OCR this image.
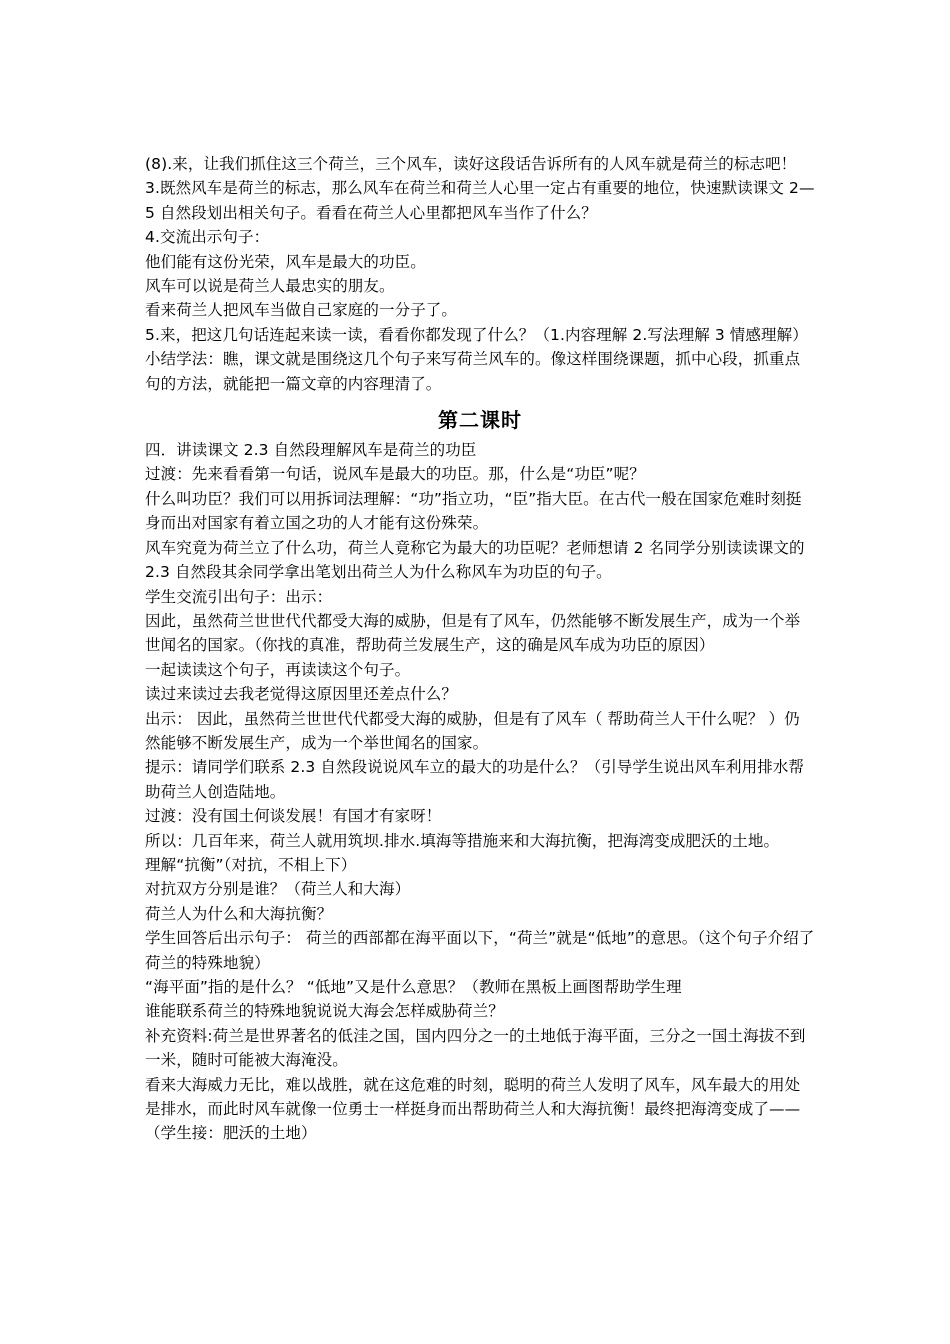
(8).来，让我们抓住这三个荷兰，三个风车，读好这段话告诉所有的人风车就是荷兰的标志吧！

3.既然风车是荷兰的标志，那么风车在荷兰和荷兰人心里一定占有重要的地位，快速默读课文 2—5 自然段划出相关句子。看看在荷兰人心里都把风车当作了什么？

4.交流出示句子：

他们能有这份光荣，风车是最大的功臣。

风车可以说是荷兰人最忠实的朋友。

看来荷兰人把风车当做自己家庭的一分子了。

5.来，把这几句话连起来读一读，看看你都发现了什么？（1.内容理解 2.写法理解 3 情感理解）

小结学法：瞧，课文就是围绕这几个句子来写荷兰风车的。像这样围绕课题，抓中心段，抓重点句的方法，就能把一篇文章的内容理清了。

第二课时

四．讲读课文 2.3 自然段理解风车是荷兰的功臣

过渡：先来看看第一句话，说风车是最大的功臣。那，什么是“功臣”呢？

什么叫功臣？我们可以用拆词法理解：“功”指立功，“臣”指大臣。在古代一般在国家危难时刻挺身而出对国家有着立国之功的人才能有这份殊荣。

风车究竟为荷兰立了什么功，荷兰人竟称它为最大的功臣呢？老师想请 2 名同学分别读读课文的 2.3 自然段其余同学拿出笔划出荷兰人为什么称风车为功臣的句子。

学生交流引出句子：出示：

因此，虽然荷兰世世代代都受大海的威胁，但是有了风车，仍然能够不断发展生产，成为一个举世闻名的国家。（你找的真准，帮助荷兰发展生产，这的确是风车成为功臣的原因）

一起读读这个句子，再读读这个句子。

读过来读过去我老觉得这原因里还差点什么？

出示： 因此，虽然荷兰世世代代都受大海的威胁，但是有了风车（ 帮助荷兰人干什么呢？ ）仍然能够不断发展生产，成为一个举世闻名的国家。

提示：请同学们联系 2.3 自然段说说风车立的最大的功是什么？（引导学生说出风车利用排水帮助荷兰人创造陆地。

过渡：没有国土何谈发展！有国才有家呀！

所以：几百年来，荷兰人就用筑坝.排水.填海等措施来和大海抗衡，把海湾变成肥沃的土地。

理解“抗衡”（对抗，不相上下）

对抗双方分别是谁？（荷兰人和大海）

荷兰人为什么和大海抗衡？

学生回答后出示句子： 荷兰的西部都在海平面以下，“荷兰”就是“低地”的意思。（这个句子介绍了荷兰的特殊地貌）

“海平面”指的是什么？ “低地”又是什么意思？（教师在黑板上画图帮助学生理

谁能联系荷兰的特殊地貌说说大海会怎样威胁荷兰？

补充资料:荷兰是世界著名的低洼之国，国内四分之一的土地低于海平面，三分之一国土海拔不到一米，随时可能被大海淹没。

看来大海威力无比，难以战胜，就在这危难的时刻，聪明的荷兰人发明了风车，风车最大的用处是排水，而此时风车就像一位勇士一样挺身而出帮助荷兰人和大海抗衡！最终把海湾变成了——（学生接：肥沃的土地）
